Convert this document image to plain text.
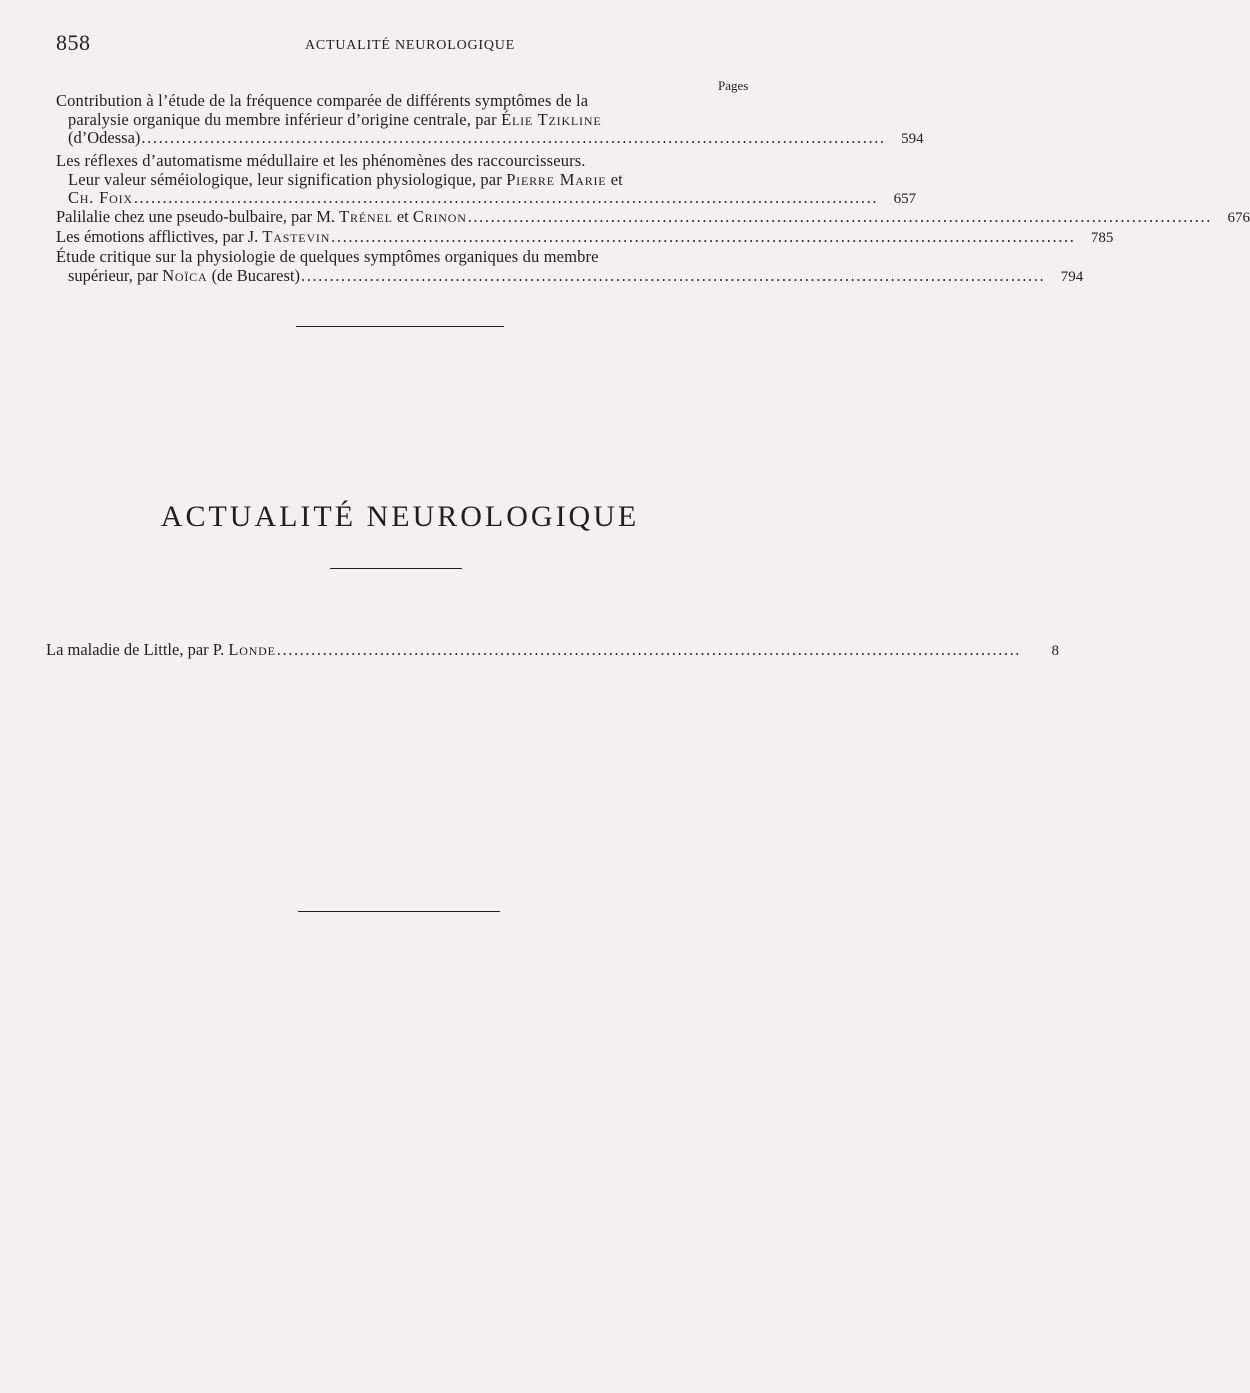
858	ACTUALITÉ NEUROLOGIQUE
Pages
Contribution à l’étude de la fréquence comparée de différents symptômes de la
paralysie organique du membre inférieur d’origine centrale, par Élie Tzikline
(d’Odessa) ..................................................................................................................................	594
Les réflexes d’automatisme médullaire et les phénomènes des raccourcisseurs.
Leur valeur séméiologique, leur signification physiologique, par Pierre Marie et
Ch. Foix ..................................................................................................................................	657
Palilalie chez une pseudo-bulbaire, par M. Trénel et Crinon ..................................................................................................................................	676
Les émotions afflictives, par J. Tastevin ..................................................................................................................................	785
Étude critique sur la physiologie de quelques symptômes organiques du membre
supérieur, par Noïca (de Bucarest) ..................................................................................................................................	794
ACTUALITÉ NEUROLOGIQUE
La maladie de Little, par P. Londe ..................................................................................................................................	8
